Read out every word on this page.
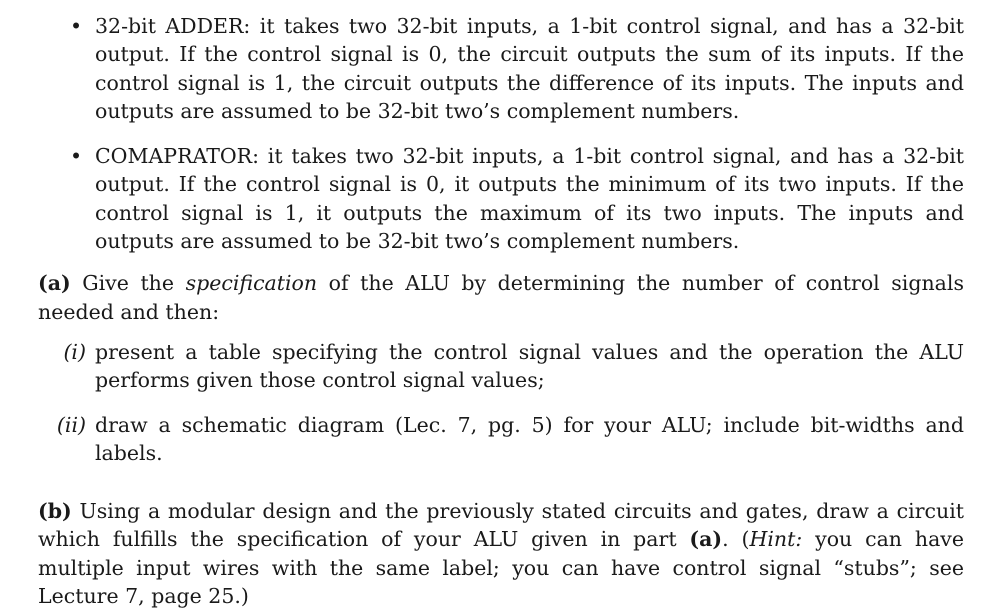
• 32-bit ADDER: it takes two 32-bit inputs, a 1-bit control signal, and has a 32-bit output. If the control signal is 0, the circuit outputs the sum of its inputs. If the control signal is 1, the circuit outputs the difference of its inputs. The inputs and outputs are assumed to be 32-bit two’s complement numbers.
• COMAPRATOR: it takes two 32-bit inputs, a 1-bit control signal, and has a 32-bit output. If the control signal is 0, it outputs the minimum of its two inputs. If the control signal is 1, it outputs the maximum of its two inputs. The inputs and outputs are assumed to be 32-bit two’s complement numbers.
(a) Give the specification of the ALU by determining the number of control signals needed and then:
(i) present a table specifying the control signal values and the operation the ALU performs given those control signal values;
(ii) draw a schematic diagram (Lec. 7, pg. 5) for your ALU; include bit-widths and labels.
(b) Using a modular design and the previously stated circuits and gates, draw a circuit which fulfills the specification of your ALU given in part (a). (Hint: you can have multiple input wires with the same label; you can have control signal “stubs”; see Lecture 7, page 25.)
